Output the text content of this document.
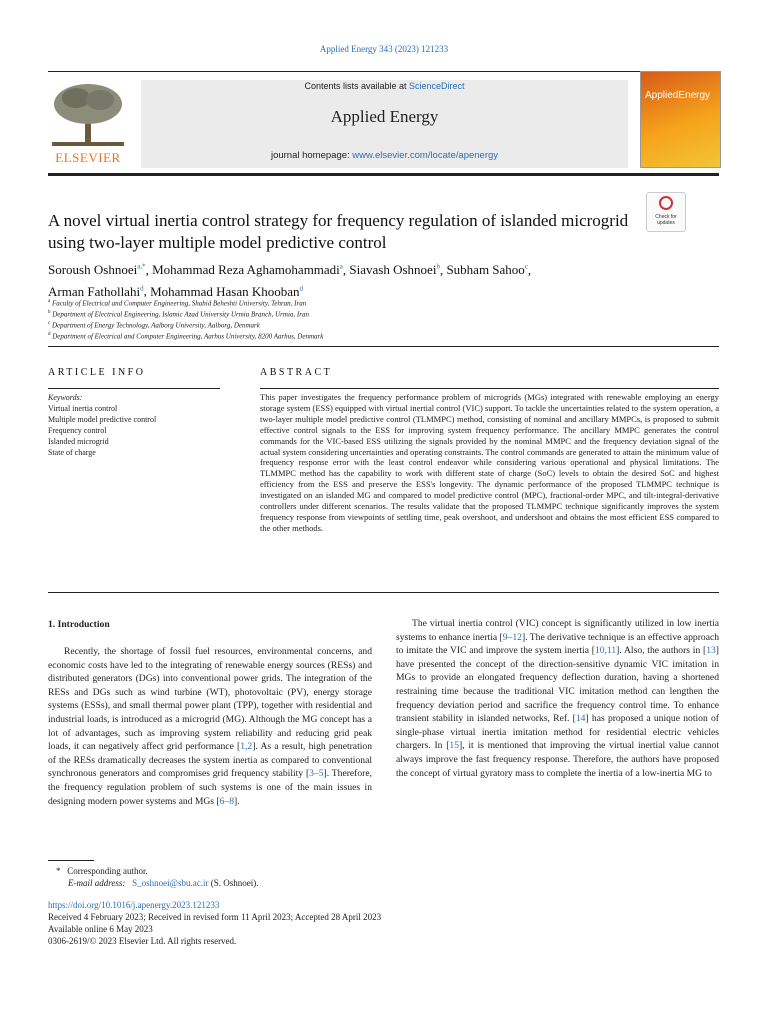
Applied Energy 343 (2023) 121233
ELSEVIER
Contents lists available at ScienceDirect
Applied Energy
journal homepage: www.elsevier.com/locate/apenergy
AppliedEnergy
A novel virtual inertia control strategy for frequency regulation of islanded microgrid using two-layer multiple model predictive control
Check for updates
Soroush Oshnoei$^{a,*}$, Mohammad Reza Aghamohammadi$^a$, Siavash Oshnoei$^b$, Subham Sahoo$^c$,
Arman Fathollahi$^d$, Mohammad Hasan Khooban$^d$
$^a$ Faculty of Electrical and Computer Engineering, Shahid Beheshti University, Tehran, Iran
$^b$ Department of Electrical Engineering, Islamic Azad University Urmia Branch, Urmia, Iran
$^c$ Department of Energy Technology, Aalborg University, Aalborg, Denmark
$^d$ Department of Electrical and Computer Engineering, Aarhus University, 8200 Aarhus, Denmark
ARTICLE INFO	ABSTRACT
Keywords:
Virtual inertia control
Multiple model predictive control
Frequency control
Islanded microgrid
State of charge
This paper investigates the frequency performance problem of microgrids (MGs) integrated with renewable employing an energy storage system (ESS) equipped with virtual inertial control (VIC) support. To tackle the uncertainties related to the system operation, a two-layer multiple model predictive control (TLMMPC) method, consisting of nominal and ancillary MMPCs, is proposed to submit effective control signals to the ESS for improving system frequency performance. The ancillary MMPC generates the control commands for the VIC-based ESS utilizing the signals provided by the nominal MMPC and the frequency deviation signal of the actual system considering uncertainties and operating constraints. The control commands are generated to attain the minimum value of frequency response error with the least control endeavor while considering various operational and physical limitations. The TLMMPC method has the capability to work with different state of charge (SoC) levels to obtain the desired SoC and highest efficiency from the ESS and preserve the ESS's longevity. The dynamic performance of the proposed TLMMPC technique is investigated on an islanded MG and compared to model predictive control (MPC), fractional-order MPC, and tilt-integral-derivative controllers under different scenarios. The results validate that the proposed TLMMPC technique significantly improves the system frequency response from viewpoints of settling time, peak overshoot, and undershoot and obtains the most efficient ESS compared to the other methods.
1. Introduction
Recently, the shortage of fossil fuel resources, environmental concerns, and economic costs have led to the integrating of renewable energy sources (RESs) and distributed generators (DGs) into conventional power grids. The integration of the RESs and DGs such as wind turbine (WT), photovoltaic (PV), energy storage systems (ESSs), and small thermal power plant (TPP), together with residential and industrial loads, is introduced as a microgrid (MG). Although the MG concept has a lot of advantages, such as improving system reliability and reducing grid peak loads, it can negatively affect grid performance [1,2]. As a result, high penetration of the RESs dramatically decreases the system inertia as compared to conventional synchronous generators and compromises grid frequency stability [3–5]. Therefore, the frequency regulation problem of such systems is one of the main issues in designing modern power systems and MGs [6–8].
The virtual inertia control (VIC) concept is significantly utilized in low inertia systems to enhance inertia [9–12]. The derivative technique is an effective approach to imitate the VIC and improve the system inertia [10,11]. Also, the authors in [13] have presented the concept of the direction-sensitive dynamic VIC imitation in MGs to provide an elongated frequency deflection duration, having a shortened restraining time because the traditional VIC imitation method can lengthen the frequency deviation period and sacrifice the frequency control time. To enhance transient stability in islanded networks, Ref. [14] has proposed a unique notion of single-phase virtual inertia imitation method for residential electric vehicles chargers. In [15], it is mentioned that improving the virtual inertial value cannot always improve the fast frequency response. Therefore, the authors have proposed the concept of virtual gyratory mass to complete the inertia of a low-inertia MG to
* Corresponding author.
E-mail address: S_oshnoei@sbu.ac.ir (S. Oshnoei).
https://doi.org/10.1016/j.apenergy.2023.121233
Received 4 February 2023; Received in revised form 11 April 2023; Accepted 28 April 2023
Available online 6 May 2023
0306-2619/© 2023 Elsevier Ltd. All rights reserved.
